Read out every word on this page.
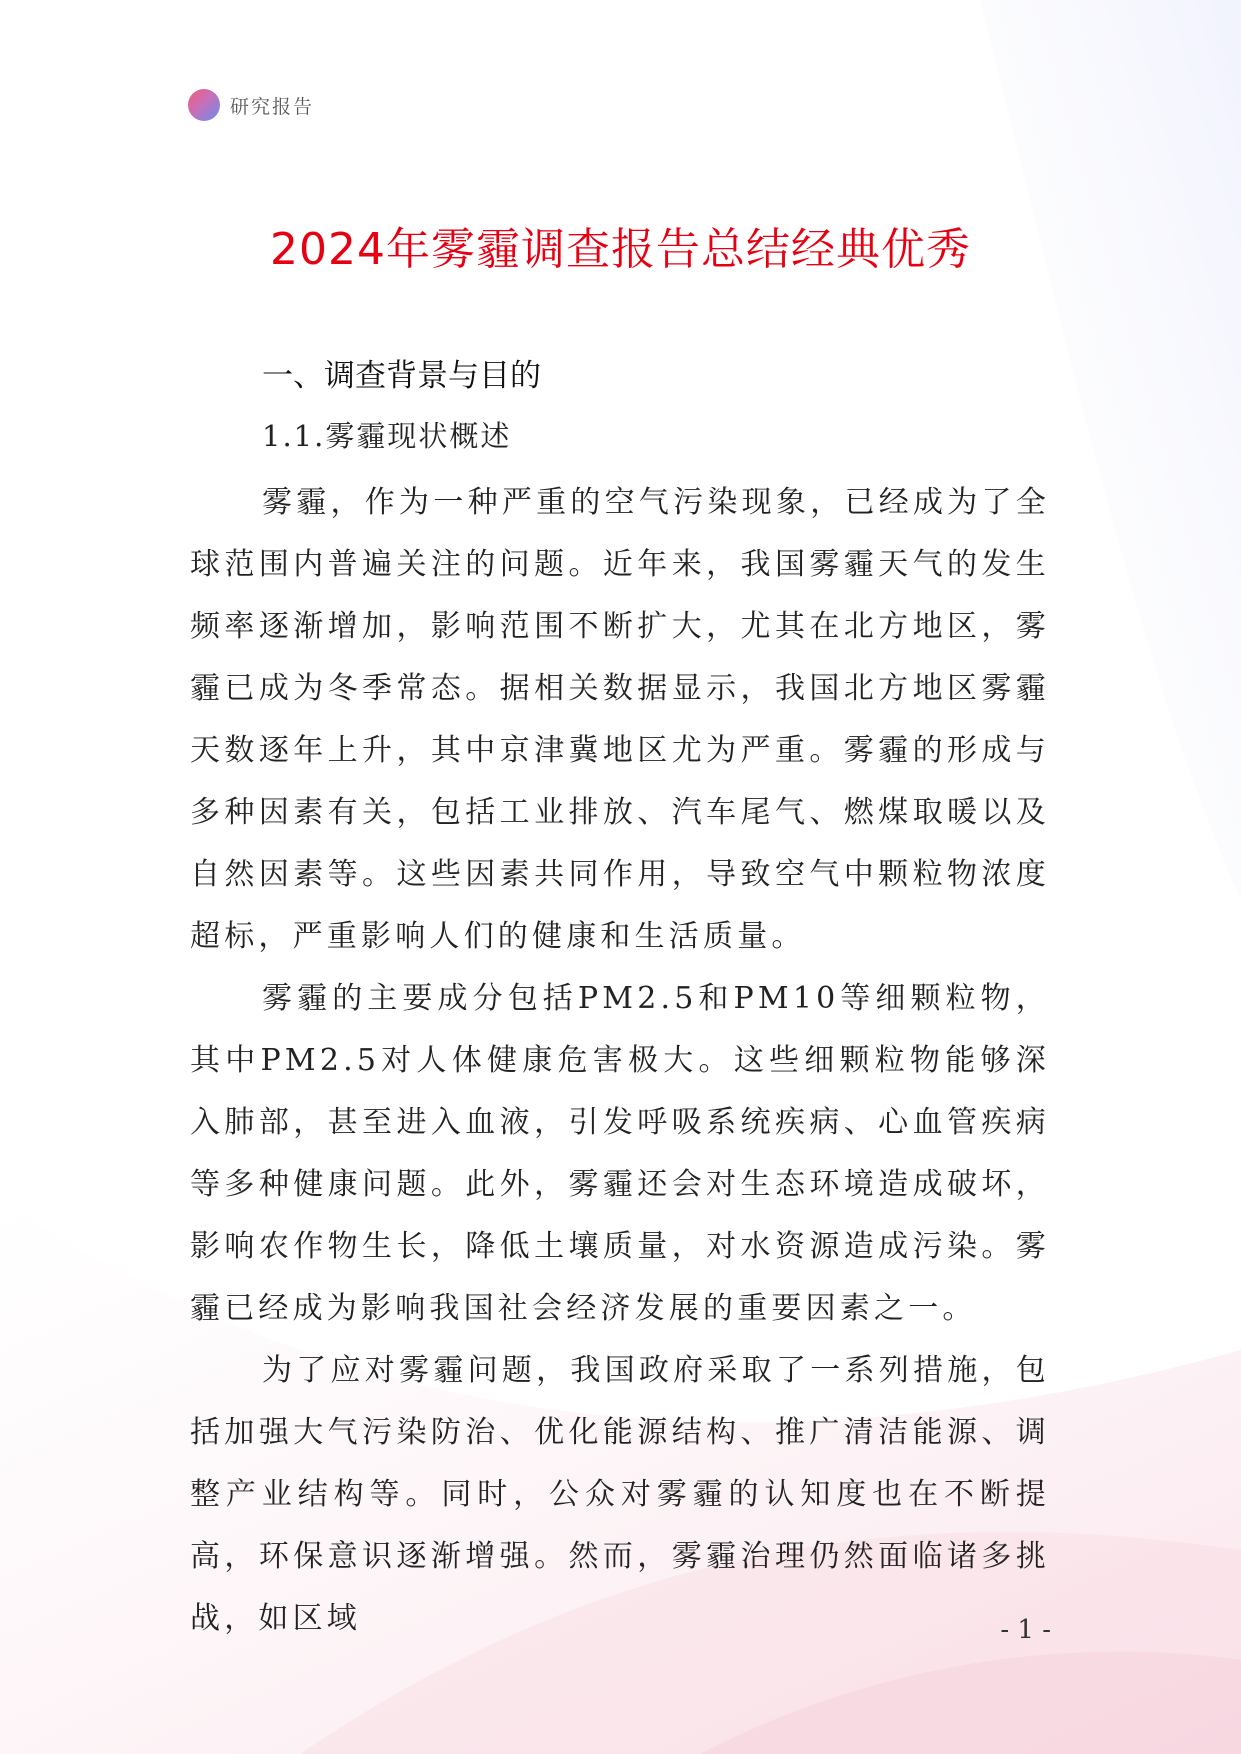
研究报告
2024年雾霾调查报告总结经典优秀
一、调查背景与目的
1.1.雾霾现状概述

雾霾，作为一种严重的空气污染现象，已经成为了全球范围内普遍关注的问题。近年来，我国雾霾天气的发生频率逐渐增加，影响范围不断扩大，尤其在北方地区，雾霾已成为冬季常态。据相关数据显示，我国北方地区雾霾天数逐年上升，其中京津冀地区尤为严重。雾霾的形成与多种因素有关，包括工业排放、汽车尾气、燃煤取暖以及自然因素等。这些因素共同作用，导致空气中颗粒物浓度超标，严重影响人们的健康和生活质量。

雾霾的主要成分包括PM2.5和PM10等细颗粒物，其中PM2.5对人体健康危害极大。这些细颗粒物能够深入肺部，甚至进入血液，引发呼吸系统疾病、心血管疾病等多种健康问题。此外，雾霾还会对生态环境造成破坏，影响农作物生长，降低土壤质量，对水资源造成污染。雾霾已经成为影响我国社会经济发展的重要因素之一。

为了应对雾霾问题，我国政府采取了一系列措施，包括加强大气污染防治、优化能源结构、推广清洁能源、调整产业结构等。同时，公众对雾霾的认知度也在不断提高，环保意识逐渐增强。然而，雾霾治理仍然面临诸多挑战，如区域	- 1 -
